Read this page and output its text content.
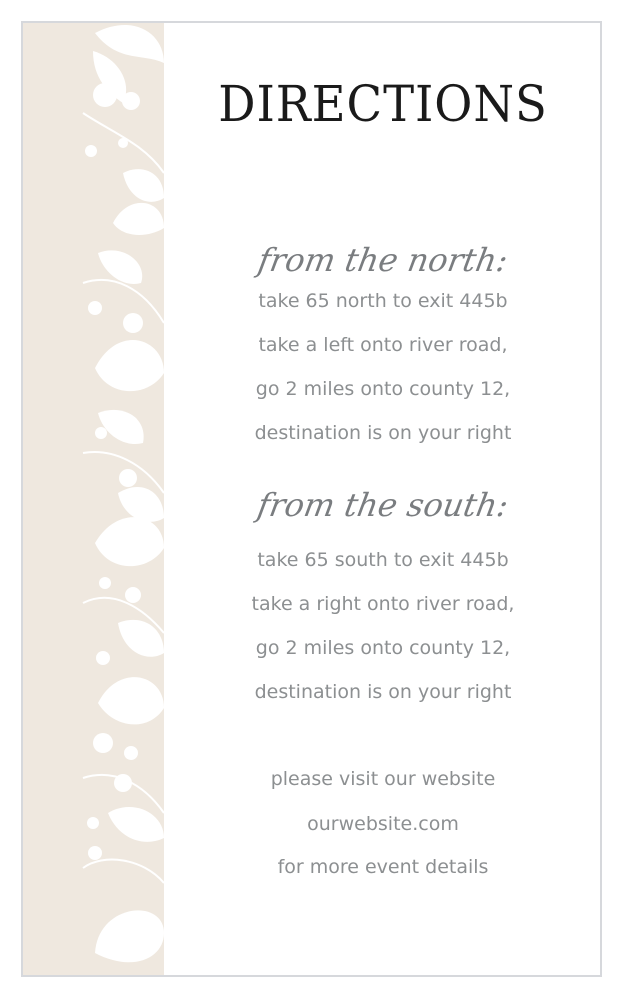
DIRECTIONS
from the north:

take 65 north to exit 445b

take a left onto river road,

go 2 miles onto county 12,

destination is on your right

from the south:

take 65 south to exit 445b

take a right onto river road,

go 2 miles onto county 12,

destination is on your right

please visit our website

ourwebsite.com

for more event details
